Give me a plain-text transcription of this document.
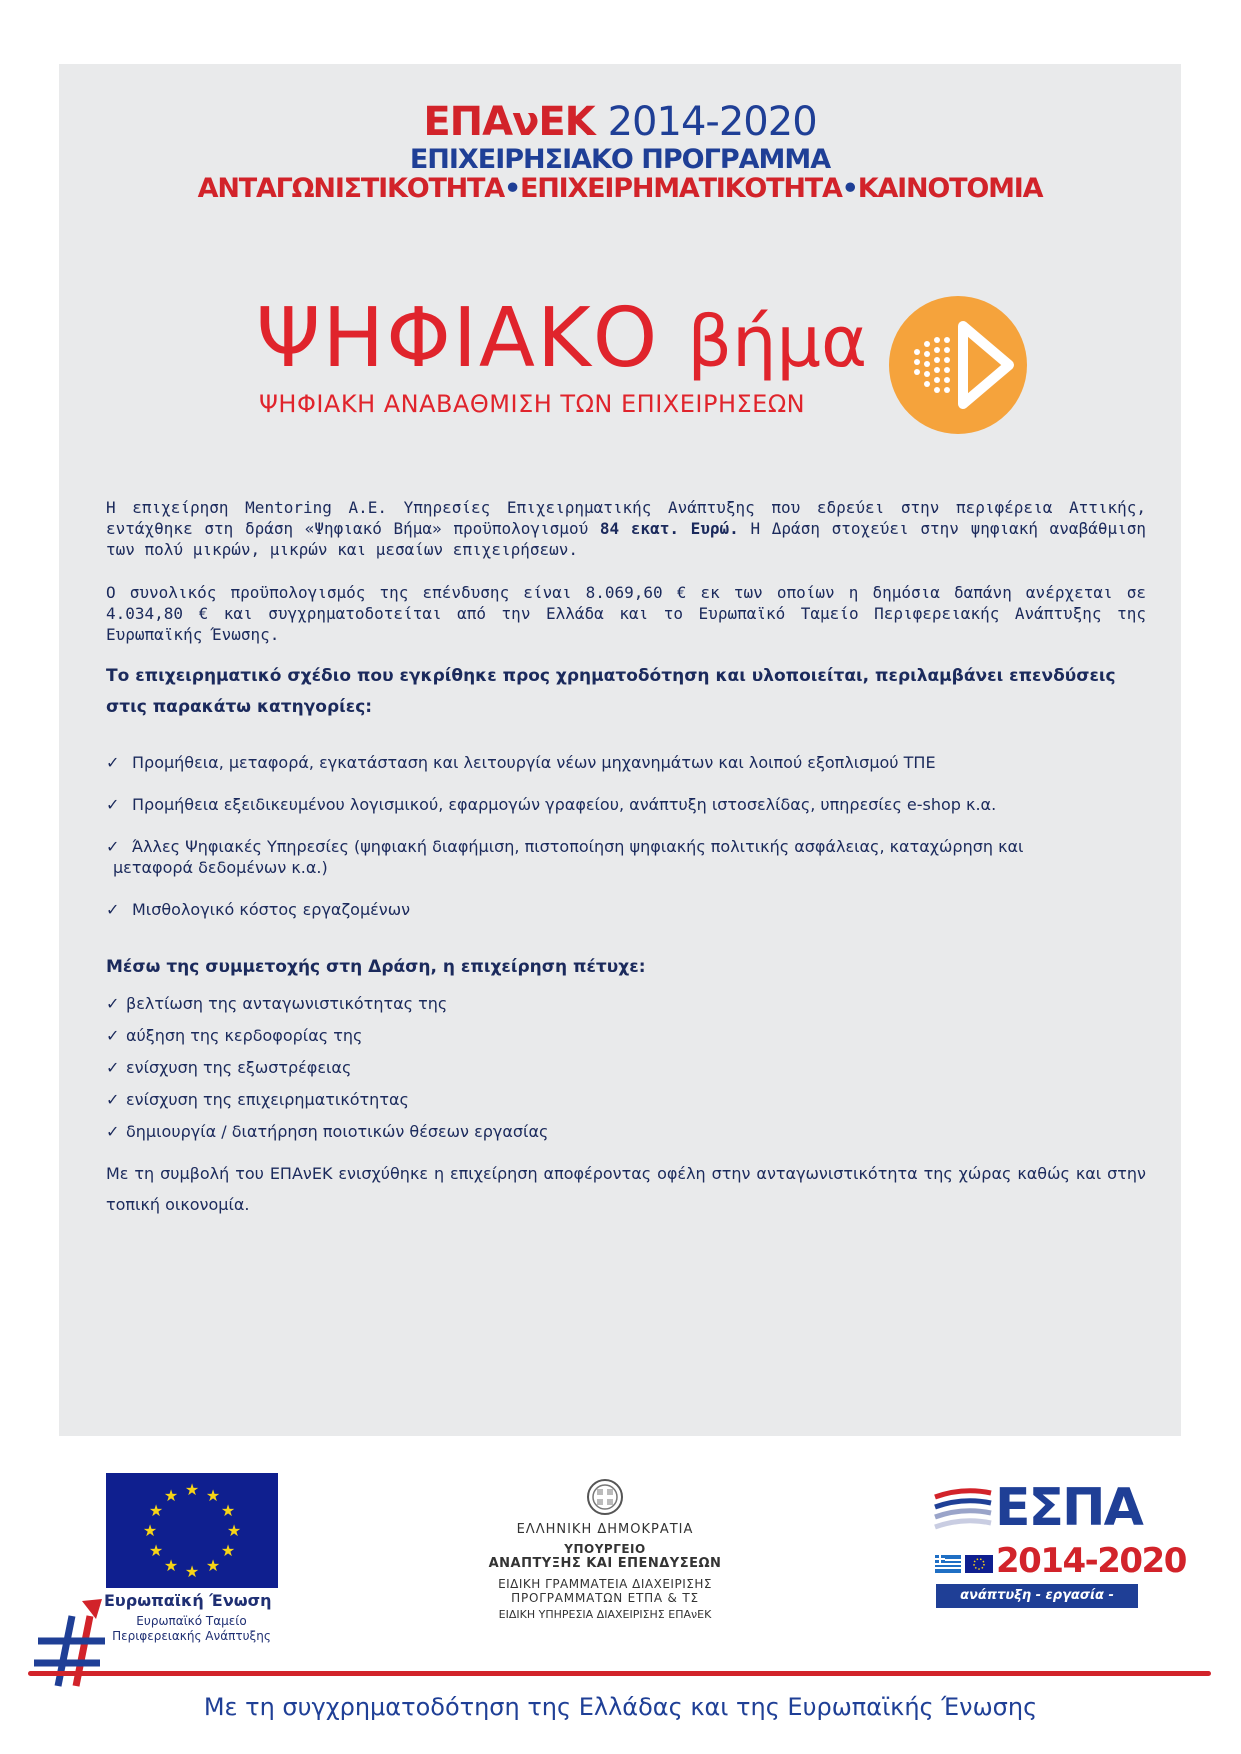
ΕΠΑνΕΚ 2014-2020
ΕΠΙΧΕΙΡΗΣΙΑΚΟ ΠΡΟΓΡΑΜΜΑ
ΑΝΤΑΓΩΝΙΣΤΙΚΟΤΗΤΑ•ΕΠΙΧΕΙΡΗΜΑΤΙΚΟΤΗΤΑ•ΚΑΙΝΟΤΟΜΙΑ
ΨΗΦΙΑΚΟ βήμα
ΨΗΦΙΑΚΗ ΑΝΑΒΑΘΜΙΣΗ ΤΩΝ ΕΠΙΧΕΙΡΗΣΕΩΝ
Η επιχείρηση Mentoring Α.Ε. Υπηρεσίες Επιχειρηματικής Ανάπτυξης που εδρεύει στην περιφέρεια Αττικής, εντάχθηκε στη δράση «Ψηφιακό Βήμα» προϋπολογισμού 84 εκατ. Ευρώ. Η Δράση στοχεύει στην ψηφιακή αναβάθμιση των πολύ μικρών, μικρών και μεσαίων επιχειρήσεων.
Ο συνολικός προϋπολογισμός της επένδυσης είναι 8.069,60 € εκ των οποίων η δημόσια δαπάνη ανέρχεται σε 4.034,80 € και συγχρηματοδοτείται από την Ελλάδα και το Ευρωπαϊκό Ταμείο Περιφερειακής Ανάπτυξης της Ευρωπαϊκής Ένωσης.
Το επιχειρηματικό σχέδιο που εγκρίθηκε προς χρηματοδότηση και υλοποιείται, περιλαμβάνει επενδύσεις στις παρακάτω κατηγορίες:
✓ Προμήθεια, μεταφορά, εγκατάσταση και λειτουργία νέων μηχανημάτων και λοιπού εξοπλισμού ΤΠΕ
✓ Προμήθεια εξειδικευμένου λογισμικού, εφαρμογών γραφείου, ανάπτυξη ιστοσελίδας, υπηρεσίες e-shop κ.α.
✓ Άλλες Ψηφιακές Υπηρεσίες (ψηφιακή διαφήμιση, πιστοποίηση ψηφιακής πολιτικής ασφάλειας, καταχώρηση και
μεταφορά δεδομένων κ.α.)
✓ Μισθολογικό κόστος εργαζομένων
Μέσω της συμμετοχής στη Δράση, η επιχείρηση πέτυχε:
✓ βελτίωση της ανταγωνιστικότητας της
✓ αύξηση της κερδοφορίας της
✓ ενίσχυση της εξωστρέφειας
✓ ενίσχυση της επιχειρηματικότητας
✓ δημιουργία / διατήρηση ποιοτικών θέσεων εργασίας
Με τη συμβολή του ΕΠΑνΕΚ ενισχύθηκε η επιχείρηση αποφέροντας οφέλη στην ανταγωνιστικότητα της χώρας καθώς και στην τοπική οικονομία.
★ ★
★
★
★
★
★
★
★
★
★
★
Ευρωπαϊκή Ένωση
Ευρωπαϊκό Ταμείο
Περιφερειακής Ανάπτυξης
ΕΛΛΗΝΙΚΗ ΔΗΜΟΚΡΑΤΙΑ
ΥΠΟΥΡΓΕΙΟ
ΑΝΑΠΤΥΞΗΣ ΚΑΙ ΕΠΕΝΔΥΣΕΩΝ
ΕΙΔΙΚΗ ΓΡΑΜΜΑΤΕΙΑ ΔΙΑΧΕΙΡΙΣΗΣ
ΠΡΟΓΡΑΜΜΑΤΩΝ ΕΤΠΑ & ΤΣ
ΕΙΔΙΚΗ ΥΠΗΡΕΣΙΑ ΔΙΑΧΕΙΡΙΣΗΣ ΕΠΑνΕΚ
ΕΣΠΑ
2014-2020
ανάπτυξη - εργασία - αλληλεγγύη
Με τη συγχρηματοδότηση της Ελλάδας και της Ευρωπαϊκής Ένωσης
